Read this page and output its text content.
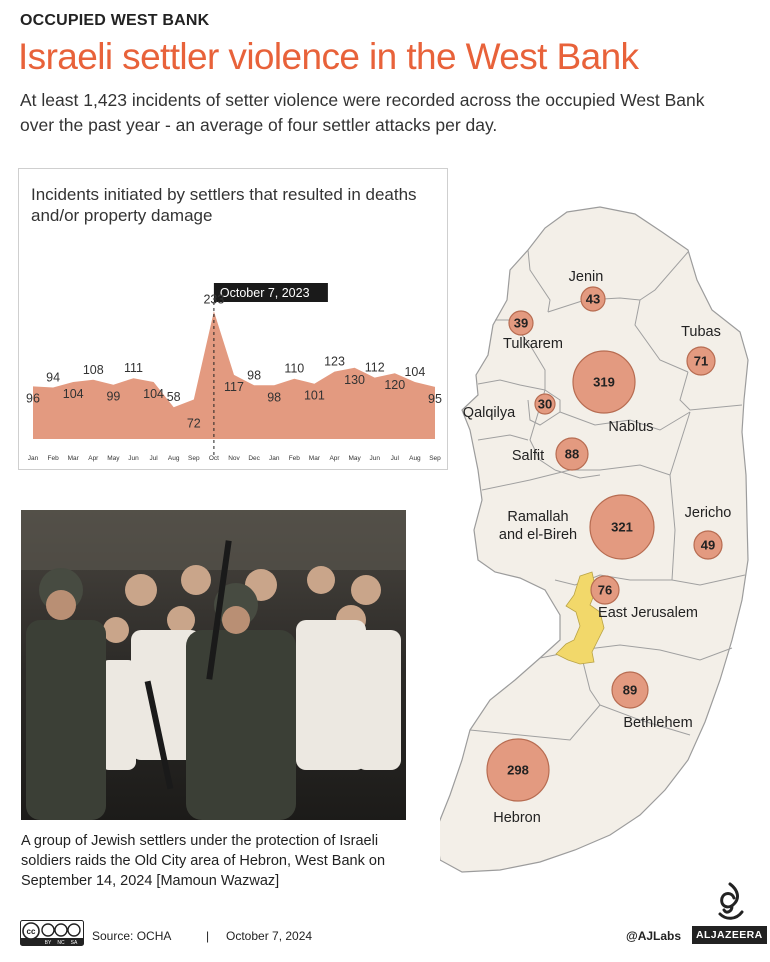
OCCUPIED WEST BANK
Israeli settler violence in the West Bank
At least 1,423 incidents of setter violence were recorded across the occupied West Bank over the past year - an average of four settler attacks per day.
Incidents initiated by settlers that resulted in deaths and/or property damage
October 7, 2023
96
94
104
108
99
111
104 58
72
233
117
98
98
110
101
123
130
112
120
104
95
Jan Feb Mar Apr May Jun Jul Aug Sep Oct Nov Dec Jan Feb Mar Apr May Jun Jul Aug Sep
A group of Jewish settlers under the protection of Israeli soldiers raids the Old City area of Hebron, West Bank on September 14, 2024 [Mamoun Wazwaz]
43
Jenin
39
Tulkarem
71
Tubas
319
Nablus
30
Qalqilya
88
Salfit
321
Ramallah
and el-Bireh
49
Jericho
76
East Jerusalem
89
Bethlehem
298
Hebron
cc
BY NC SA Source: OCHA	| October 7, 2024	@AJLabs	ALJAZEERA
